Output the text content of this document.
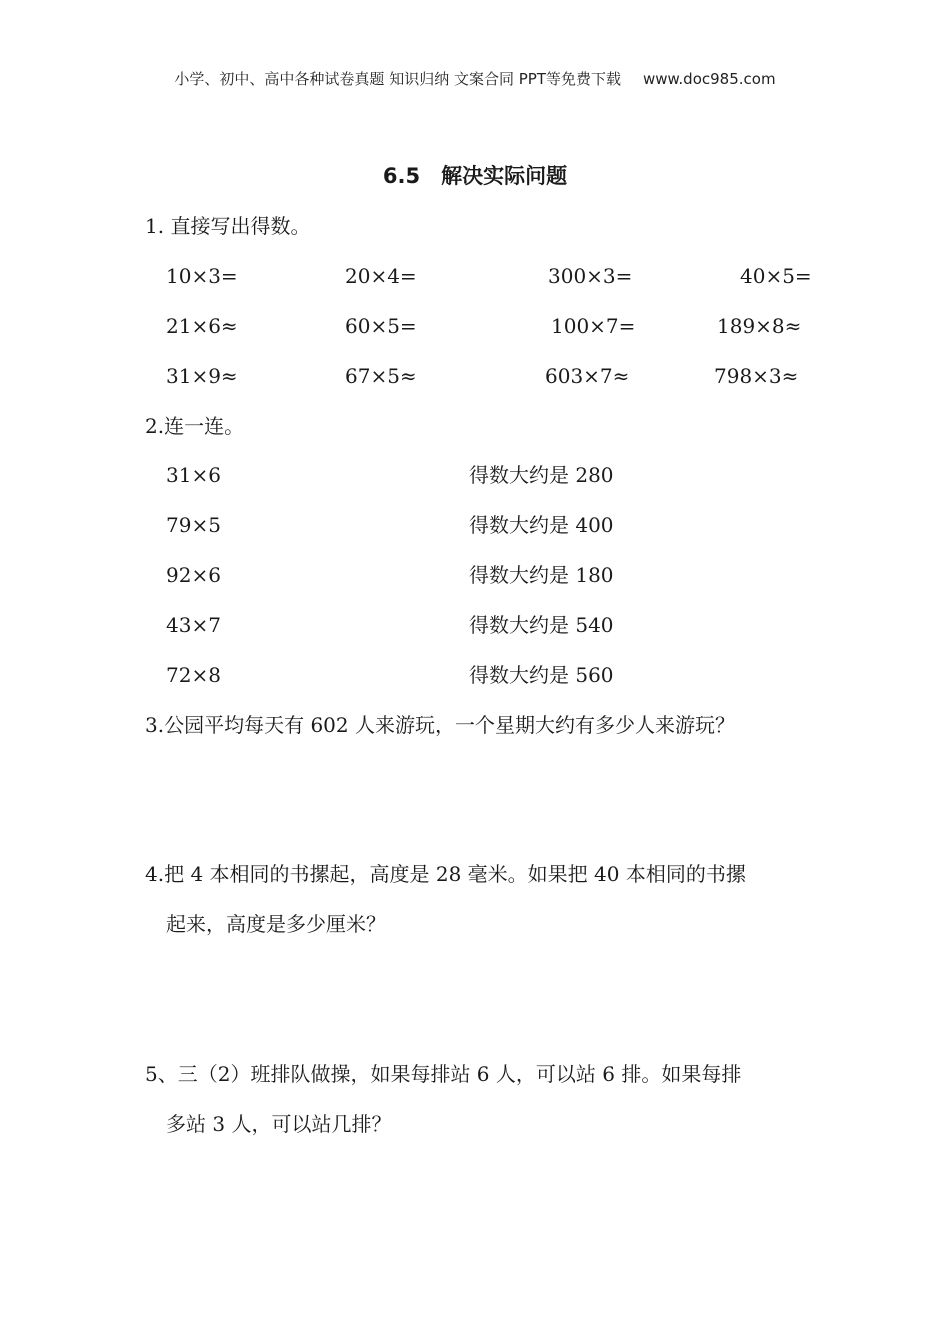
小学、初中、高中各种试卷真题 知识归纳 文案合同 PPT等免费下载 www.doc985.com
6.5　解决实际问题
1. 直接写出得数。
10×3=	20×4=	300×3=	40×5=
21×6≈	60×5=	100×7=	189×8≈
31×9≈	67×5≈	603×7≈	798×3≈
2.连一连。
31×6	得数大约是 280
79×5	得数大约是 400
92×6	得数大约是 180
43×7	得数大约是 540
72×8	得数大约是 560
3.公园平均每天有 602 人来游玩，一个星期大约有多少人来游玩？
4.把 4 本相同的书摞起，高度是 28 毫米。如果把 40 本相同的书摞
起来，高度是多少厘米？
5、三（2）班排队做操，如果每排站 6 人，可以站 6 排。如果每排
多站 3 人，可以站几排？
